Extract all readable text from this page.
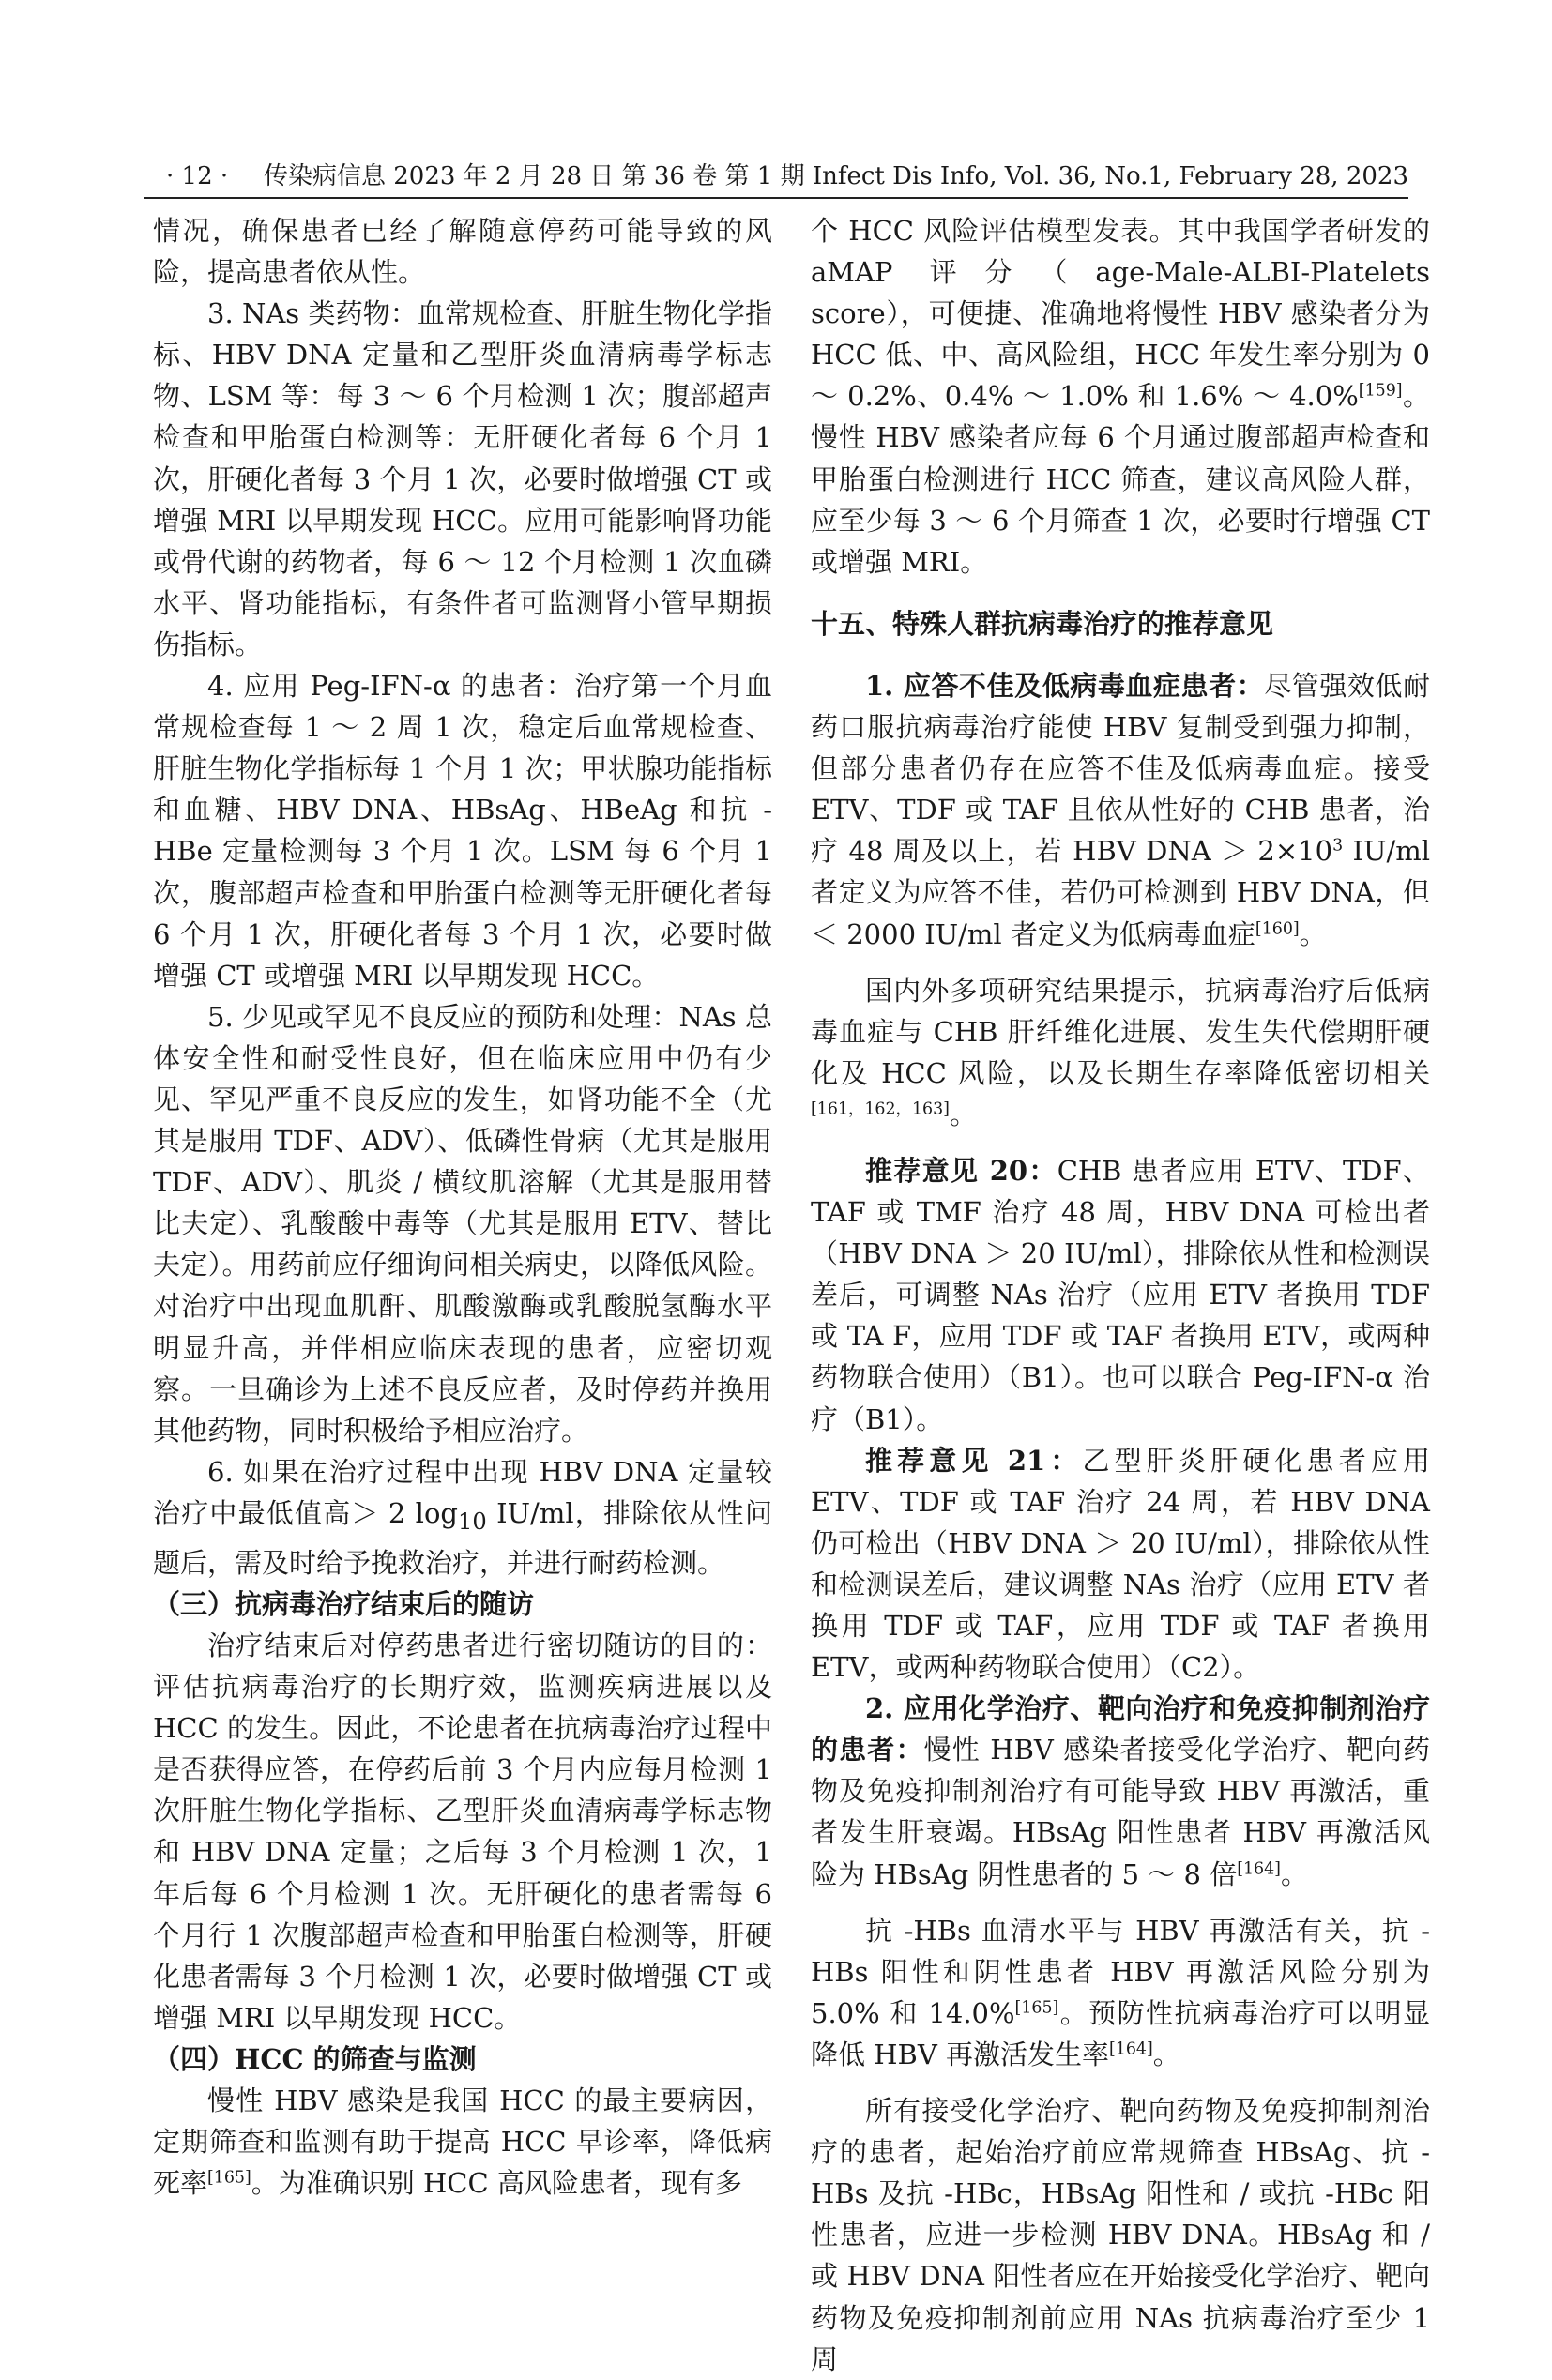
· 12 · 传染病信息 2023 年 2 月 28 日 第 36 卷 第 1 期 Infect Dis Info, Vol. 36, No.1, February 28, 2023

情况，确保患者已经了解随意停药可能导致的风险，提高患者依从性。

3. NAs 类药物：血常规检查、肝脏生物化学指标、HBV DNA 定量和乙型肝炎血清病毒学标志物、LSM 等：每 3 ～ 6 个月检测 1 次；腹部超声检查和甲胎蛋白检测等：无肝硬化者每 6 个月 1 次，肝硬化者每 3 个月 1 次，必要时做增强 CT 或增强 MRI 以早期发现 HCC。应用可能影响肾功能或骨代谢的药物者，每 6 ～ 12 个月检测 1 次血磷水平、肾功能指标，有条件者可监测肾小管早期损伤指标。

4. 应用 Peg-IFN-α 的患者：治疗第一个月血常规检查每 1 ～ 2 周 1 次，稳定后血常规检查、肝脏生物化学指标每 1 个月 1 次；甲状腺功能指标和血糖、HBV DNA、HBsAg、HBeAg 和抗 -HBe 定量检测每 3 个月 1 次。LSM 每 6 个月 1 次，腹部超声检查和甲胎蛋白检测等无肝硬化者每 6 个月 1 次，肝硬化者每 3 个月 1 次，必要时做增强 CT 或增强 MRI 以早期发现 HCC。

5. 少见或罕见不良反应的预防和处理：NAs 总体安全性和耐受性良好，但在临床应用中仍有少见、罕见严重不良反应的发生，如肾功能不全（尤其是服用 TDF、ADV）、低磷性骨病（尤其是服用 TDF、ADV）、肌炎 / 横纹肌溶解（尤其是服用替比夫定）、乳酸酸中毒等（尤其是服用 ETV、替比夫定）。用药前应仔细询问相关病史，以降低风险。对治疗中出现血肌酐、肌酸激酶或乳酸脱氢酶水平明显升高，并伴相应临床表现的患者，应密切观察。一旦确诊为上述不良反应者，及时停药并换用其他药物，同时积极给予相应治疗。

6. 如果在治疗过程中出现 HBV DNA 定量较治疗中最低值高＞ 2 $\log_{10} IU/ml$，排除依从性问题后，需及时给予挽救治疗，并进行耐药检测。

（三）抗病毒治疗结束后的随访

治疗结束后对停药患者进行密切随访的目的：评估抗病毒治疗的长期疗效，监测疾病进展以及 HCC 的发生。因此，不论患者在抗病毒治疗过程中是否获得应答，在停药后前 3 个月内应每月检测 1 次肝脏生物化学指标、乙型肝炎血清病毒学标志物和 HBV DNA 定量；之后每 3 个月检测 1 次，1 年后每 6 个月检测 1 次。无肝硬化的患者需每 6 个月行 1 次腹部超声检查和甲胎蛋白检测等，肝硬化患者需每 3 个月检测 1 次，必要时做增强 CT 或增强 MRI 以早期发现 HCC。

（四）HCC 的筛查与监测

慢性 HBV 感染是我国 HCC 的最主要病因，定期筛查和监测有助于提高 HCC 早诊率，降低病死率[165]。为准确识别 HCC 高风险患者，现有多

个 HCC 风险评估模型发表。其中我国学者研发的 aMAP 评分（age-Male-ALBI-Platelets score），可便捷、准确地将慢性 HBV 感染者分为 HCC 低、中、高风险组，HCC 年发生率分别为 0 ～ 0.2%、0.4% ～ 1.0% 和 1.6% ～ 4.0%[159]。慢性 HBV 感染者应每 6 个月通过腹部超声检查和甲胎蛋白检测进行 HCC 筛查，建议高风险人群，应至少每 3 ～ 6 个月筛查 1 次，必要时行增强 CT 或增强 MRI。

十五、特殊人群抗病毒治疗的推荐意见

1. 应答不佳及低病毒血症患者：尽管强效低耐药口服抗病毒治疗能使 HBV 复制受到强力抑制，但部分患者仍存在应答不佳及低病毒血症。接受 ETV、TDF 或 TAF 且依从性好的 CHB 患者，治疗 48 周及以上，若 HBV DNA ＞ $2\times 10^3$ IU/ml 者定义为应答不佳，若仍可检测到 HBV DNA，但＜ 2000 IU/ml 者定义为低病毒血症[160]。

国内外多项研究结果提示，抗病毒治疗后低病毒血症与 CHB 肝纤维化进展、发生失代偿期肝硬化及 HCC 风险，以及长期生存率降低密切相关[161，162，163]。

推荐意见 20：CHB 患者应用 ETV、TDF、TAF 或 TMF 治疗 48 周，HBV DNA 可检出者（HBV DNA ＞ 20 IU/ml），排除依从性和检测误差后，可调整 NAs 治疗（应用 ETV 者换用 TDF 或 TA F，应用 TDF 或 TAF 者换用 ETV，或两种药物联合使用）（B1）。也可以联合 Peg-IFN-α 治疗（B1）。

推荐意见 21：乙型肝炎肝硬化患者应用 ETV、TDF 或 TAF 治疗 24 周，若 HBV DNA 仍可检出（HBV DNA ＞ 20 IU/ml），排除依从性和检测误差后，建议调整 NAs 治疗（应用 ETV 者换用 TDF 或 TAF，应用 TDF 或 TAF 者换用 ETV，或两种药物联合使用）（C2）。

2. 应用化学治疗、靶向治疗和免疫抑制剂治疗的患者：慢性 HBV 感染者接受化学治疗、靶向药物及免疫抑制剂治疗有可能导致 HBV 再激活，重者发生肝衰竭。HBsAg 阳性患者 HBV 再激活风险为 HBsAg 阴性患者的 5 ～ 8 倍[164]。

抗 -HBs 血清水平与 HBV 再激活有关，抗 -HBs 阳性和阴性患者 HBV 再激活风险分别为 5.0% 和 14.0%[165]。预防性抗病毒治疗可以明显降低 HBV 再激活发生率[164]。

所有接受化学治疗、靶向药物及免疫抑制剂治疗的患者，起始治疗前应常规筛查 HBsAg、抗 -HBs 及抗 -HBc，HBsAg 阳性和 / 或抗 -HBc 阳性患者，应进一步检测 HBV DNA。HBsAg 和 / 或 HBV DNA 阳性者应在开始接受化学治疗、靶向药物及免疫抑制剂前应用 NAs 抗病毒治疗至少 1 周
